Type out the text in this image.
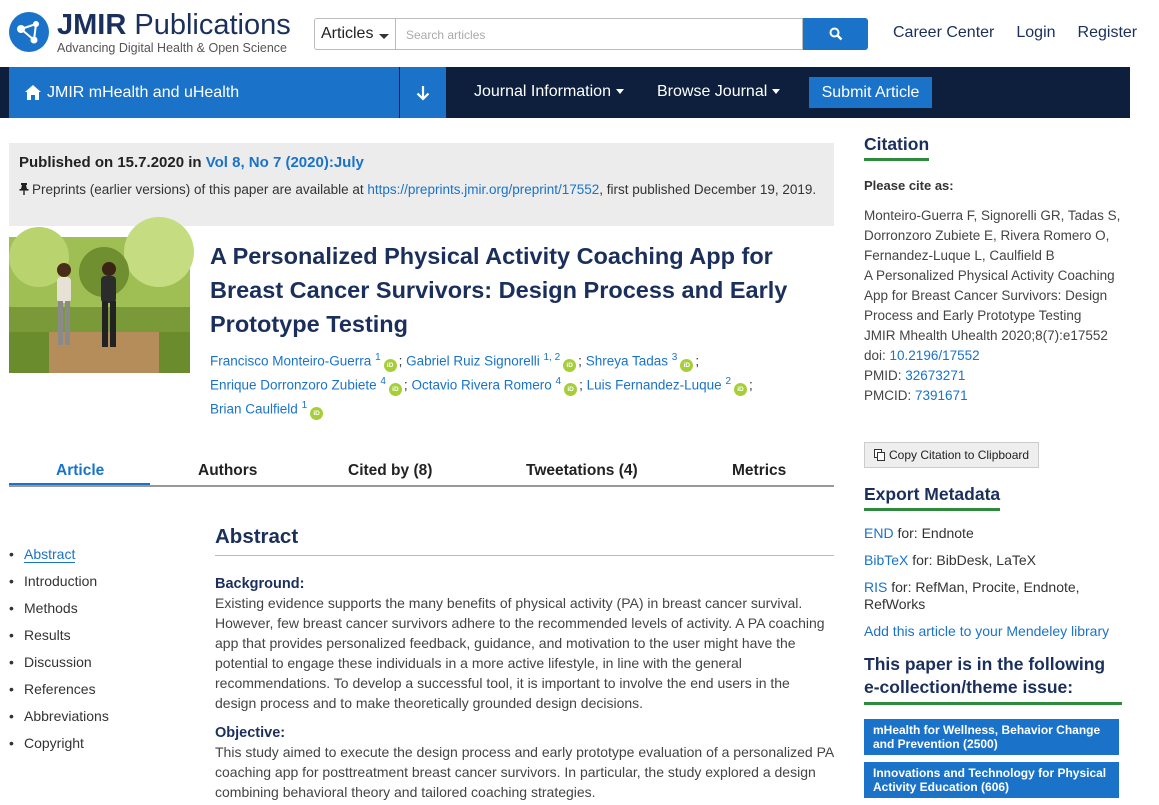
JMIR Publications
Advancing Digital Health & Open Science
Articles	Search articles	Career Center Login Register
JMIR mHealth and uHealth	Journal Information	Browse Journal	Submit Article
Published on 15.7.2020 in Vol 8, No 7 (2020):July
Preprints (earlier versions) of this paper are available at https://preprints.jmir.org/preprint/17552, first published December 19, 2019.
A Personalized Physical Activity Coaching App for Breast Cancer Survivors: Design Process and Early Prototype Testing
Francisco Monteiro-Guerra $^1$iD ; Gabriel Ruiz Signorelli $^{1, 2}$iD ; Shreya Tadas $^3$iD ;
Enrique Dorronzoro Zubiete $^4$iD ; Octavio Rivera Romero $^4$iD ; Luis Fernandez-Luque $^2$iD ;
Brian Caulfield $^1$iD
Article	Authors	Cited by (8)	Tweetations (4)	Metrics
• Abstract
• Introduction
• Methods
• Results
• Discussion
• References
• Abbreviations
• Copyright
Abstract
Background:

Existing evidence supports the many benefits of physical activity (PA) in breast cancer survival. However, few breast cancer survivors adhere to the recommended levels of activity. A PA coaching app that provides personalized feedback, guidance, and motivation to the user might have the potential to engage these individuals in a more active lifestyle, in line with the general recommendations. To develop a successful tool, it is important to involve the end users in the design process and to make theoretically grounded design decisions.

Objective:

This study aimed to execute the design process and early prototype evaluation of a personalized PA coaching app for posttreatment breast cancer survivors. In particular, the study explored a design combining behavioral theory and tailored coaching strategies.

Citation
Please cite as:
Monteiro-Guerra F, Signorelli GR, Tadas S, Dorronzoro Zubiete E, Rivera Romero O, Fernandez-Luque L, Caulfield B
A Personalized Physical Activity Coaching App for Breast Cancer Survivors: Design Process and Early Prototype Testing
JMIR Mhealth Uhealth 2020;8(7):e17552
doi: 10.2196/17552
PMID: 32673271
PMCID: 7391671
Copy Citation to Clipboard
Export Metadata
END for: Endnote
BibTeX for: BibDesk, LaTeX
RIS for: RefMan, Procite, Endnote, RefWorks
Add this article to your Mendeley library
This paper is in the following e-collection/theme issue:
mHealth for Wellness, Behavior Change and Prevention (2500)
Innovations and Technology for Physical Activity Education (606)
